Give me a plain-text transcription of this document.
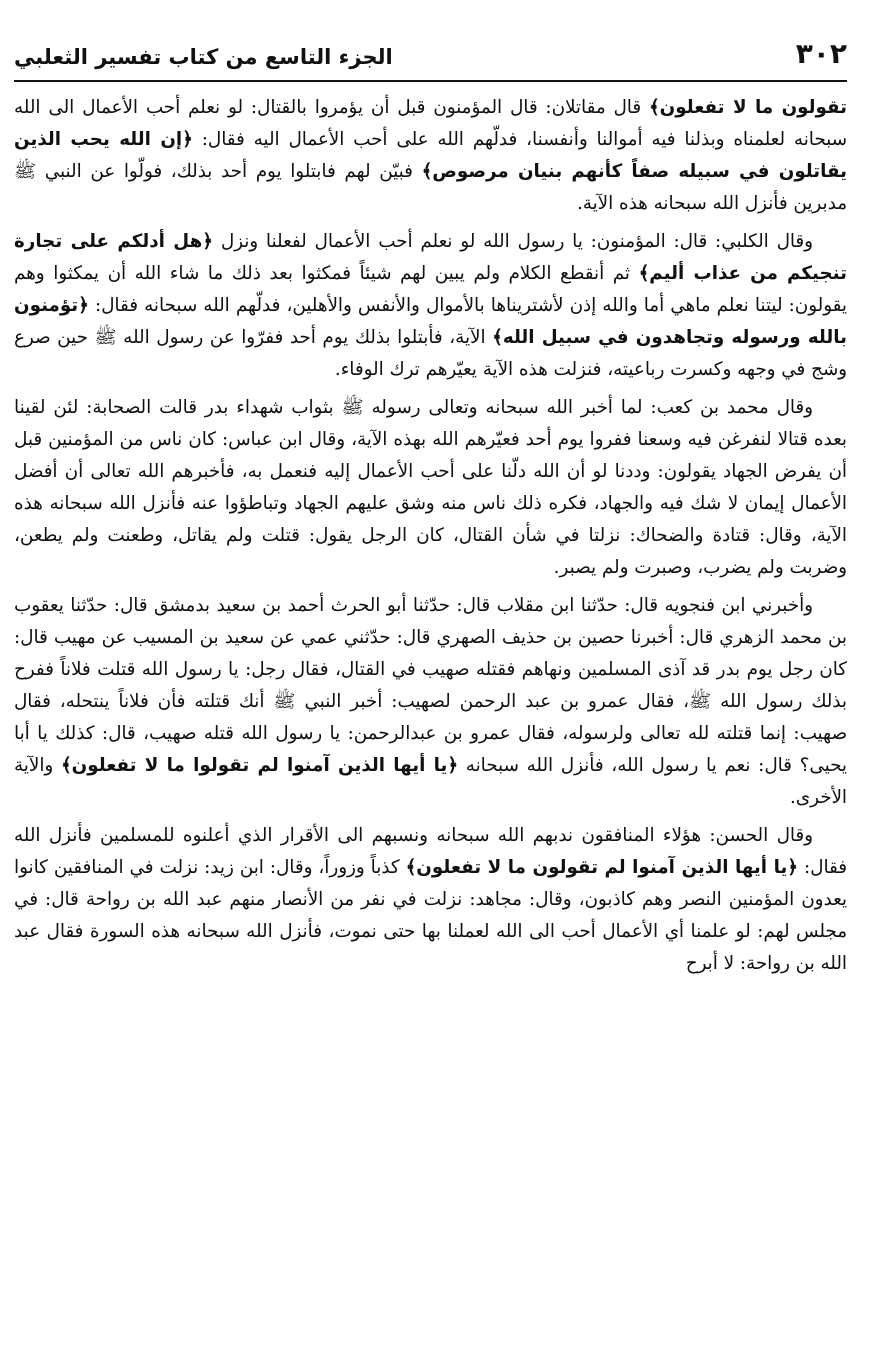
٣٠٢
الجزء التاسع من كتاب تفسير الثعلبي

تقولون ما لا تفعلون﴾ قال مقاتلان: قال المؤمنون قبل أن يؤمروا بالقتال: لو نعلم أحب الأعمال الى الله سبحانه لعلمناه وبذلنا فيه أموالنا وأنفسنا، فدلّهم الله على أحب الأعمال اليه فقال: ﴿إن الله يحب الذين يقاتلون في سبيله صفاً كأنهم بنيان مرصوص﴾ فبيّن لهم فابتلوا يوم أحد بذلك، فولّوا عن النبي ﷺ مدبرين فأنزل الله سبحانه هذه الآية.

وقال الكلبي: قال: المؤمنون: يا رسول الله لو نعلم أحب الأعمال لفعلنا ونزل ﴿هل أدلكم على تجارة تنجيكم من عذاب أليم﴾ ثم أنقطع الكلام ولم يبين لهم شيئاً فمكثوا بعد ذلك ما شاء الله أن يمكثوا وهم يقولون: ليتنا نعلم ماهي أما والله إذن لأشتريناها بالأموال والأنفس والأهلين، فدلّهم الله سبحانه فقال: ﴿تؤمنون بالله ورسوله وتجاهدون في سبيل الله﴾ الآية، فأبتلوا بذلك يوم أحد ففرّوا عن رسول الله ﷺ حين صرع وشج في وجهه وكسرت رباعيته، فنزلت هذه الآية يعيّرهم ترك الوفاء.

وقال محمد بن كعب: لما أخبر الله سبحانه وتعالى رسوله ﷺ بثواب شهداء بدر قالت الصحابة: لئن لقينا بعده قتالا لنفرغن فيه وسعنا ففروا يوم أحد فعيّرهم الله بهذه الآية، وقال ابن عباس: كان ناس من المؤمنين قبل أن يفرض الجهاد يقولون: وددنا لو أن الله دلّنا على أحب الأعمال إليه فنعمل به، فأخبرهم الله تعالى أن أفضل الأعمال إيمان لا شك فيه والجهاد، فكره ذلك ناس منه وشق عليهم الجهاد وتباطؤوا عنه فأنزل الله سبحانه هذه الآية، وقال: قتادة والضحاك: نزلتا في شأن القتال، كان الرجل يقول: قتلت ولم يقاتل، وطعنت ولم يطعن، وضربت ولم يضرب، وصبرت ولم يصبر.

وأخبرني ابن فنجويه قال: حدّثنا ابن مقلاب قال: حدّثنا أبو الحرث أحمد بن سعيد بدمشق قال: حدّثنا يعقوب بن محمد الزهري قال: أخبرنا حصين بن حذيف الصهري قال: حدّثني عمي عن سعيد بن المسيب عن مهيب قال: كان رجل يوم بدر قد آذى المسلمين ونهاهم فقتله صهيب في القتال، فقال رجل: يا رسول الله قتلت فلاناً ففرح بذلك رسول الله ﷺ، فقال عمرو بن عبد الرحمن لصهيب: أخبر النبي ﷺ أنك قتلته فأن فلاناً ينتحله، فقال صهيب: إنما قتلته لله تعالى ولرسوله، فقال عمرو بن عبدالرحمن: يا رسول الله قتله صهيب، قال: كذلك يا أبا يحيى؟ قال: نعم يا رسول الله، فأنزل الله سبحانه ﴿يا أيها الذين آمنوا لم تقولوا ما لا تفعلون﴾ والآية الأخرى.

وقال الحسن: هؤلاء المنافقون ندبهم الله سبحانه ونسبهم الى الأقرار الذي أعلنوه للمسلمين فأنزل الله فقال: ﴿يا أيها الذين آمنوا لم تقولون ما لا تفعلون﴾ كذباً وزوراً، وقال: ابن زيد: نزلت في المنافقين كانوا يعدون المؤمنين النصر وهم كاذبون، وقال: مجاهد: نزلت في نفر من الأنصار منهم عبد الله بن رواحة قال: في مجلس لهم: لو علمنا أي الأعمال أحب الى الله لعملنا بها حتى نموت، فأنزل الله سبحانه هذه السورة فقال عبد الله بن رواحة: لا أبرح
